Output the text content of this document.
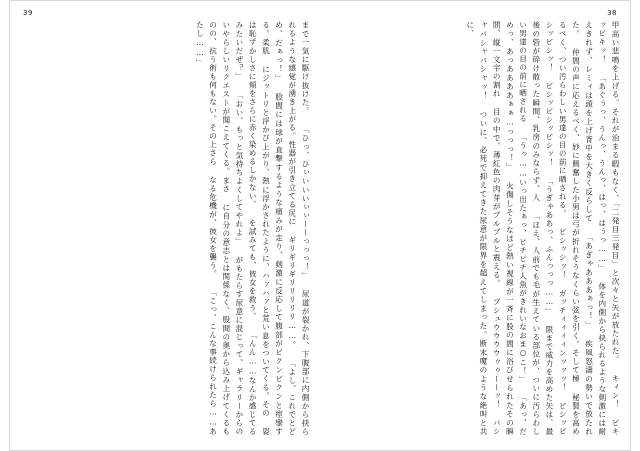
39
まで一気に駆け抜けた。 「ひっ、ひぃいいいぃぃーーっっっ！」 尿道が裂かれ、下腹部に内側から抉られるような感覚が湧き上がる。性器が引き立てる尻に ギリギリギリリリリリ……。 「よし、これでとどめ、だぁっ！」 股間には球が直撃するような痛みが走り、剣激に反応して腹部がビクンビクンと痙攣する。柔肌 にジットリと浮かび上がり、熱に浮かされたように、ハァハァと荒い息をついてくる。その 姿は恥ずかしさに頬をさらに赤く染めるしかない。 を試みても、彼女を救う。 「んん……なんか感じてるみたいだぜ？」 「おい、もっと気持ちよくしてやれよ」 がもたらす尿意に混じって、ギャラリーからのいやらしいリクエストが聞こえてくる。まさ に自分の意志とは関係なく、股間の奥から込み上げてくるものの、抗う術も何もない。その上さら なる危機が、彼女を襲う。 「こっ、こんな事続けられたら……あたし……」
38
甲高い悲鳴を上げる。それが治まる暇もなく、「二発目三発目」と次々と矢が放たれた。 キィン！ ビキッビキッ！ 「あぐぅっ、うんっ、うんっ、はっ、はぅっ……」 体を内側から抉られるような剣激には耐えきれず、レミィは頭を上げ背中を大きく反らして 「あぎゃあああぁっ！」 疾風怒濤の勢いで放たれた。 仲間の声に応えるべく、妙に興奮した小男は弓が折れそうなくらい弦を引く。そして極 秘製を高めるべく、つい汚らわしい男達の目の前に晒される。 ビシッシッ！ ガッチィィィィンッッッ！ ビシッビシッビシッ！ ビシッビシッビシッ！ 「うぎゃああっ、ふんっっっ……」 限まで威力を高めた矢は、最後の砦が砕け散った瞬間、乳房のみならず、人 「ほえ、人前でも毛が生えている部位が、ついに汚らわしい男達の目の前に晒される 「うっ……いっ出たぁっ、ピチピチ人魚がきれいなおま○こ！」 「あっ、だめっ、あっああああぁぁ…っっっ！」 火傷しそうなほど熱い視線が一斉に股の間に浴びせられたその瞬間、縦一文字の割れ 目の中で、薄紅色の肉芽がブルブルと震える。 ブシュウウウウゥゥーーッ！ バシャバシャバシャッ！ ついに、必死で抑えてきた尿意が限界を超えてしまった。断末魔のような絶叫と共に、
